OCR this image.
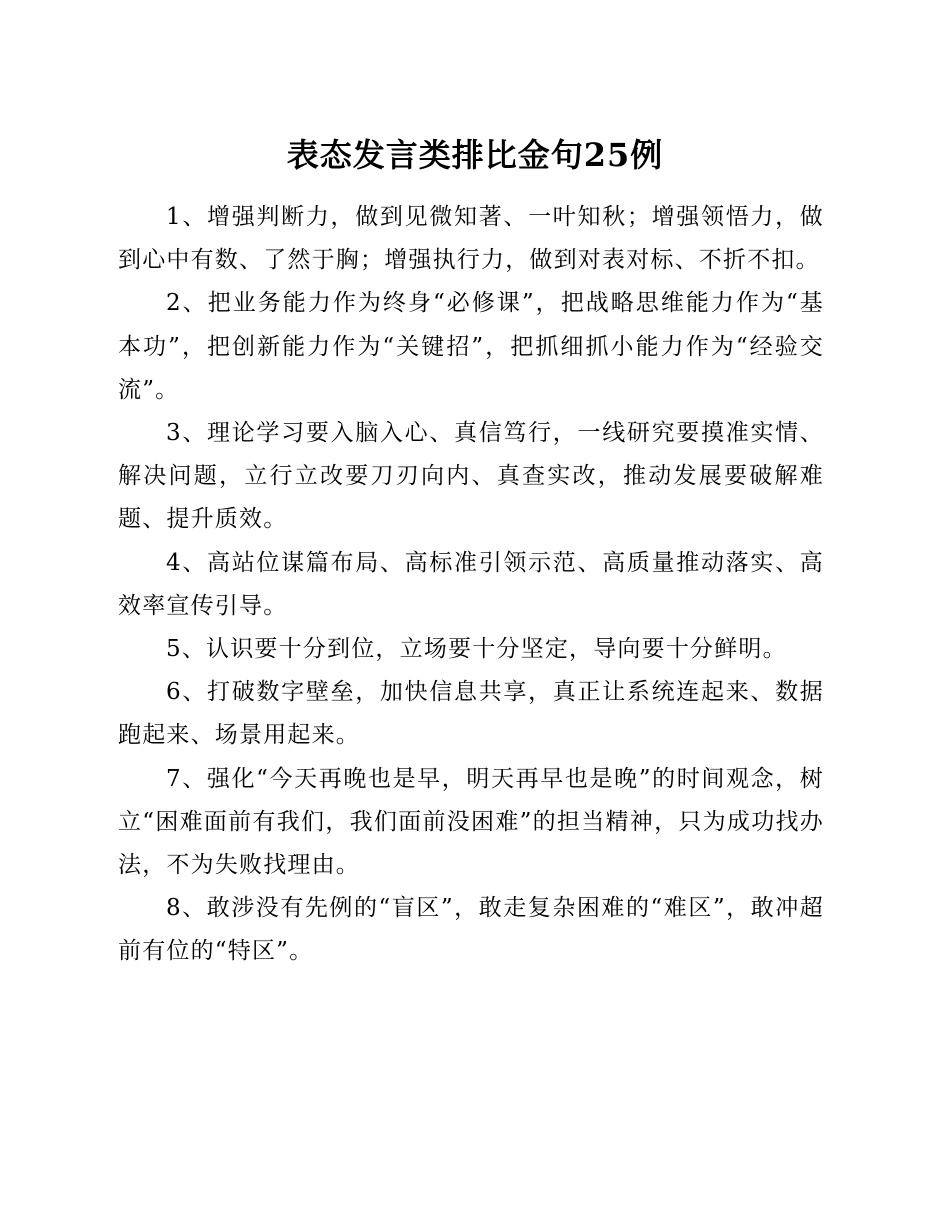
表态发言类排比金句25例

1、增强判断力，做到见微知著、一叶知秋；增强领悟力，做到心中有数、了然于胸；增强执行力，做到对表对标、不折不扣。

2、把业务能力作为终身“必修课”，把战略思维能力作为“基本功”，把创新能力作为“关键招”，把抓细抓小能力作为“经验交流”。

3、理论学习要入脑入心、真信笃行，一线研究要摸准实情、解决问题，立行立改要刀刃向内、真查实改，推动发展要破解难题、提升质效。

4、高站位谋篇布局、高标准引领示范、高质量推动落实、高效率宣传引导。

5、认识要十分到位，立场要十分坚定，导向要十分鲜明。

6、打破数字壁垒，加快信息共享，真正让系统连起来、数据跑起来、场景用起来。

7、强化“今天再晚也是早，明天再早也是晚”的时间观念，树立“困难面前有我们，我们面前没困难”的担当精神，只为成功找办法，不为失败找理由。

8、敢涉没有先例的“盲区”，敢走复杂困难的“难区”，敢冲超前有位的“特区”。
